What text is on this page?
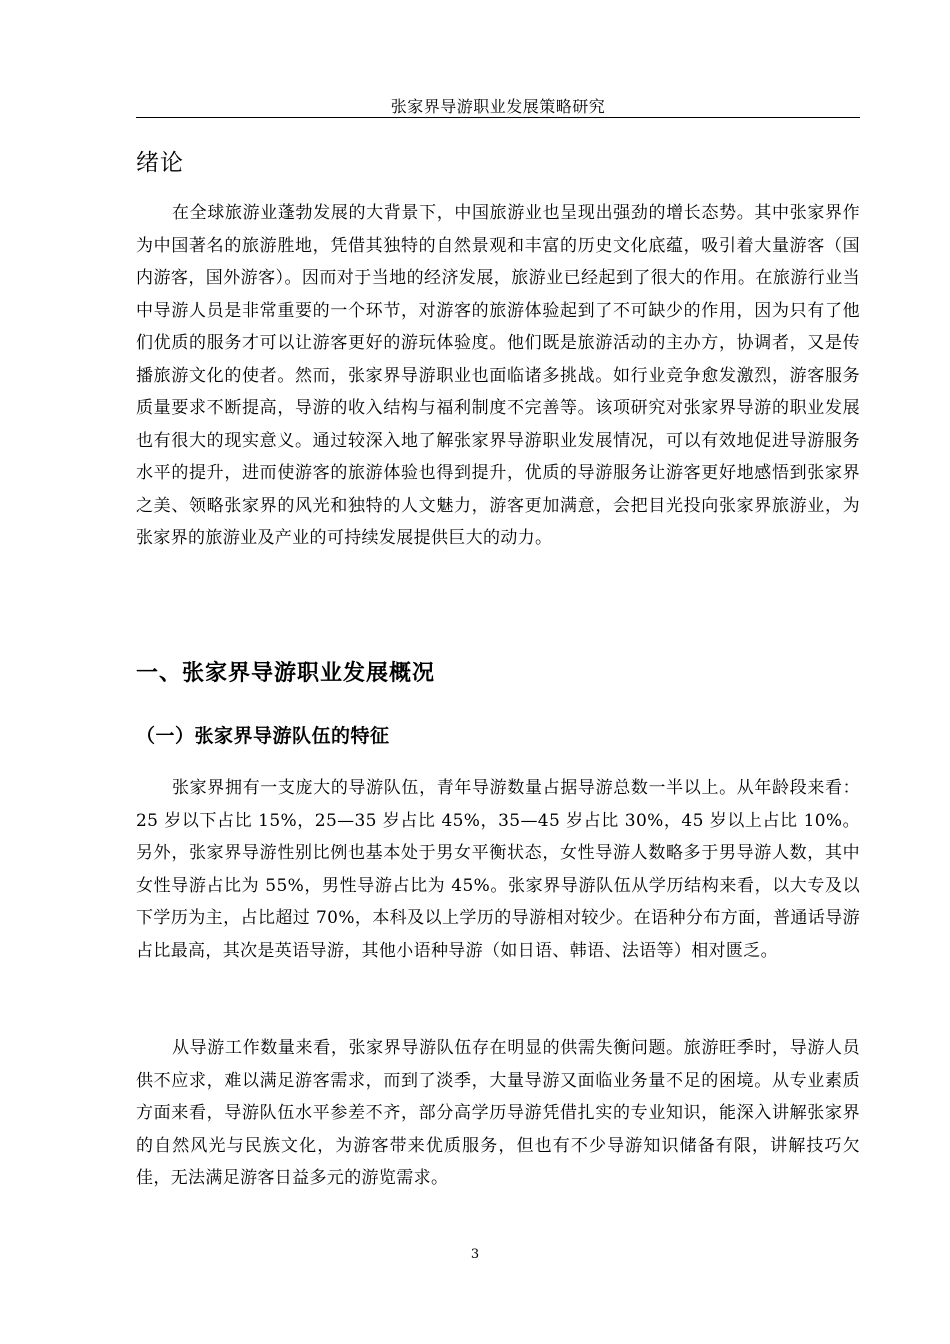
张家界导游职业发展策略研究
绪论

在全球旅游业蓬勃发展的大背景下，中国旅游业也呈现出强劲的增长态势。其中张家界作为中国著名的旅游胜地，凭借其独特的自然景观和丰富的历史文化底蕴，吸引着大量游客（国内游客，国外游客）。因而对于当地的经济发展，旅游业已经起到了很大的作用。在旅游行业当中导游人员是非常重要的一个环节，对游客的旅游体验起到了不可缺少的作用，因为只有了他们优质的服务才可以让游客更好的游玩体验度。他们既是旅游活动的主办方，协调者，又是传播旅游文化的使者。然而，张家界导游职业也面临诸多挑战。如行业竞争愈发激烈，游客服务质量要求不断提高，导游的收入结构与福利制度不完善等。该项研究对张家界导游的职业发展也有很大的现实意义。通过较深入地了解张家界导游职业发展情况，可以有效地促进导游服务水平的提升，进而使游客的旅游体验也得到提升，优质的导游服务让游客更好地感悟到张家界之美、领略张家界的风光和独特的人文魅力，游客更加满意，会把目光投向张家界旅游业，为张家界的旅游业及产业的可持续发展提供巨大的动力。

一、张家界导游职业发展概况
（一）张家界导游队伍的特征

张家界拥有一支庞大的导游队伍，青年导游数量占据导游总数一半以上。从年龄段来看：25 岁以下占比 15%，25—35 岁占比 45%，35—45 岁占比 30%，45 岁以上占比 10%。另外，张家界导游性别比例也基本处于男女平衡状态，女性导游人数略多于男导游人数，其中女性导游占比为 55%，男性导游占比为 45%。张家界导游队伍从学历结构来看，以大专及以下学历为主，占比超过 70%，本科及以上学历的导游相对较少。在语种分布方面，普通话导游占比最高，其次是英语导游，其他小语种导游（如日语、韩语、法语等）相对匮乏。

从导游工作数量来看，张家界导游队伍存在明显的供需失衡问题。旅游旺季时，导游人员供不应求，难以满足游客需求，而到了淡季，大量导游又面临业务量不足的困境。从专业素质方面来看，导游队伍水平参差不齐，部分高学历导游凭借扎实的专业知识，能深入讲解张家界的自然风光与民族文化，为游客带来优质服务，但也有不少导游知识储备有限，讲解技巧欠佳，无法满足游客日益多元的游览需求。

3
